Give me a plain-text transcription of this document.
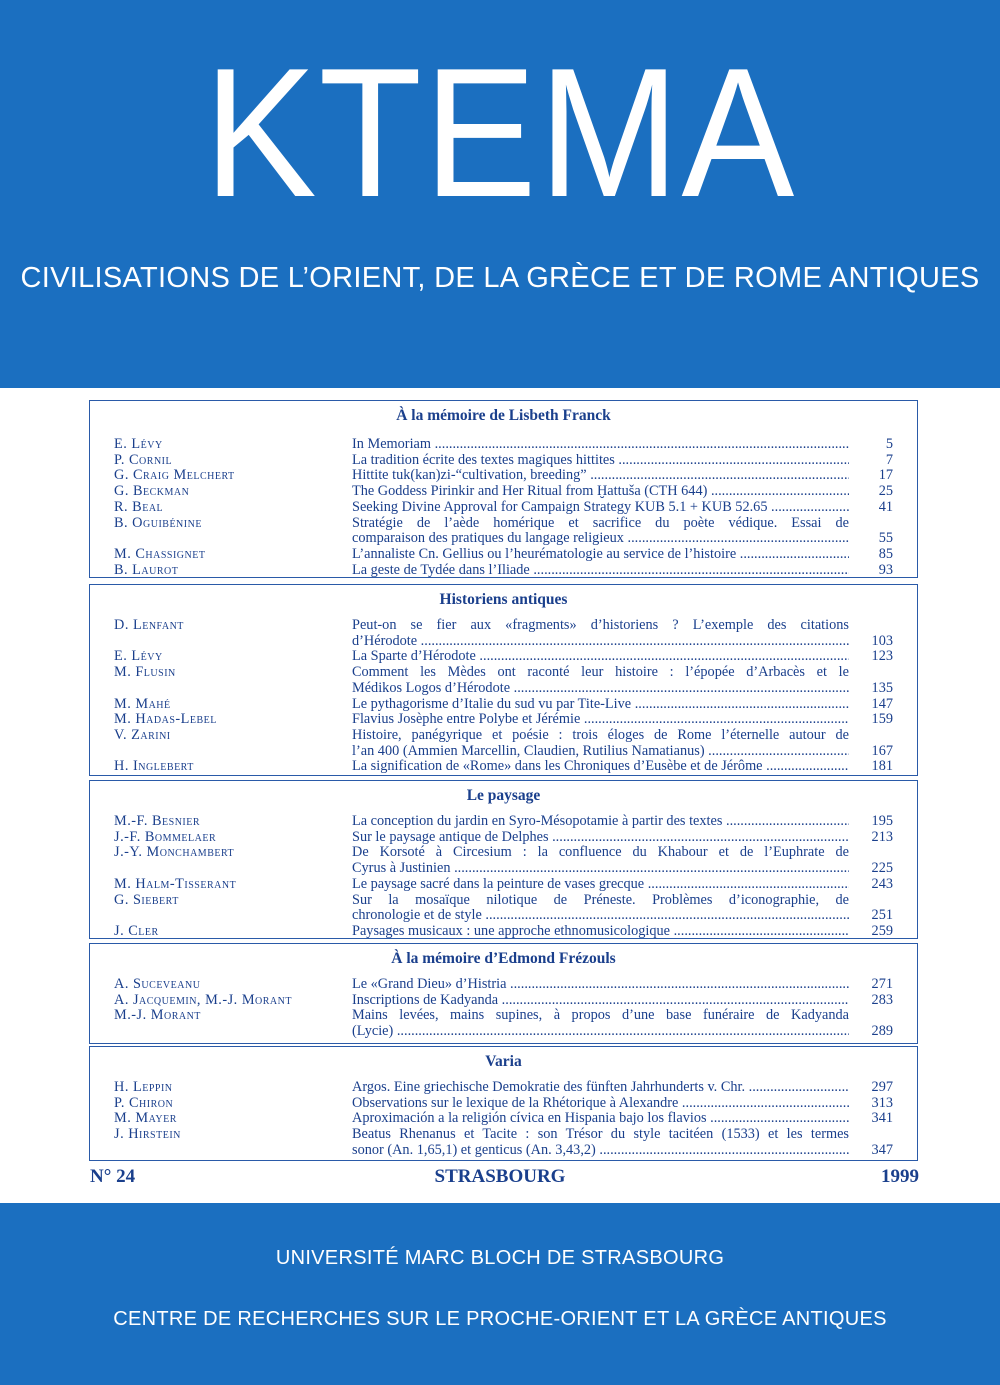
KTEMA
CIVILISATIONS DE L’ORIENT, DE LA GRÈCE ET DE ROME ANTIQUES
À la mémoire de Lisbeth Franck
E. Lévy	In Memoriam .....	5
P. Cornil	La tradition écrite des textes magiques hittites .....	7
G. Craig Melchert	Hittite tuk(kan)zi-“cultivation, breeding” .....	17
G. Beckman	The Goddess Pirinkir and Her Ritual from Ḫattuša (CTH 644) .....	25
R. Beal	Seeking Divine Approval for Campaign Strategy KUB 5.1 + KUB 52.65 .....	41
B. Oguibénine	Stratégie de l’aède homérique et sacrifice du poète védique. Essai de
comparaison des pratiques du langage religieux .....	55
M. Chassignet	L’annaliste Cn. Gellius ou l’heurématologie au service de l’histoire .....	85
B. Laurot	La geste de Tydée dans l’Iliade .....	93
Historiens antiques
D. Lenfant	Peut-on se fier aux «fragments» d’historiens ? L’exemple des citations
d’Hérodote .....	103
E. Lévy	La Sparte d’Hérodote .....	123
M. Flusin	Comment les Mèdes ont raconté leur histoire : l’épopée d’Arbacès et le
Médikos Logos d’Hérodote .....	135
M. Mahé	Le pythagorisme d’Italie du sud vu par Tite-Live .....	147
M. Hadas-Lebel	Flavius Josèphe entre Polybe et Jérémie .....	159
V. Zarini	Histoire, panégyrique et poésie : trois éloges de Rome l’éternelle autour de
l’an 400 (Ammien Marcellin, Claudien, Rutilius Namatianus) .....	167
H. Inglebert	La signification de «Rome» dans les Chroniques d’Eusèbe et de Jérôme .....	181
Le paysage
M.-F. Besnier	La conception du jardin en Syro-Mésopotamie à partir des textes .....	195
J.-F. Bommelaer	Sur le paysage antique de Delphes .....	213
J.-Y. Monchambert	De Korsoté à Circesium : la confluence du Khabour et de l’Euphrate de
Cyrus à Justinien .....	225
M. Halm-Tisserant	Le paysage sacré dans la peinture de vases grecque .....	243
G. Siebert	Sur la mosaïque nilotique de Préneste. Problèmes d’iconographie, de
chronologie et de style .....	251
J. Cler	Paysages musicaux : une approche ethnomusicologique .....	259
À la mémoire d’Edmond Frézouls
A. Suceveanu	Le «Grand Dieu» d’Histria .....	271
A. Jacquemin, M.-J. Morant	Inscriptions de Kadyanda .....	283
M.-J. Morant	Mains levées, mains supines, à propos d’une base funéraire de Kadyanda
(Lycie) .....	289
Varia
H. Leppin	Argos. Eine griechische Demokratie des fünften Jahrhunderts v. Chr. .....	297
P. Chiron	Observations sur le lexique de la Rhétorique à Alexandre .....	313
M. Mayer	Aproximación a la religión cívica en Hispania bajo los flavios .....	341
J. Hirstein	Beatus Rhenanus et Tacite : son Trésor du style tacitéen (1533) et les termes
sonor (An. 1,65,1) et genticus (An. 3,43,2) .....	347
N° 24	STRASBOURG	1999
UNIVERSITÉ MARC BLOCH DE STRASBOURG
CENTRE DE RECHERCHES SUR LE PROCHE-ORIENT ET LA GRÈCE ANTIQUES
